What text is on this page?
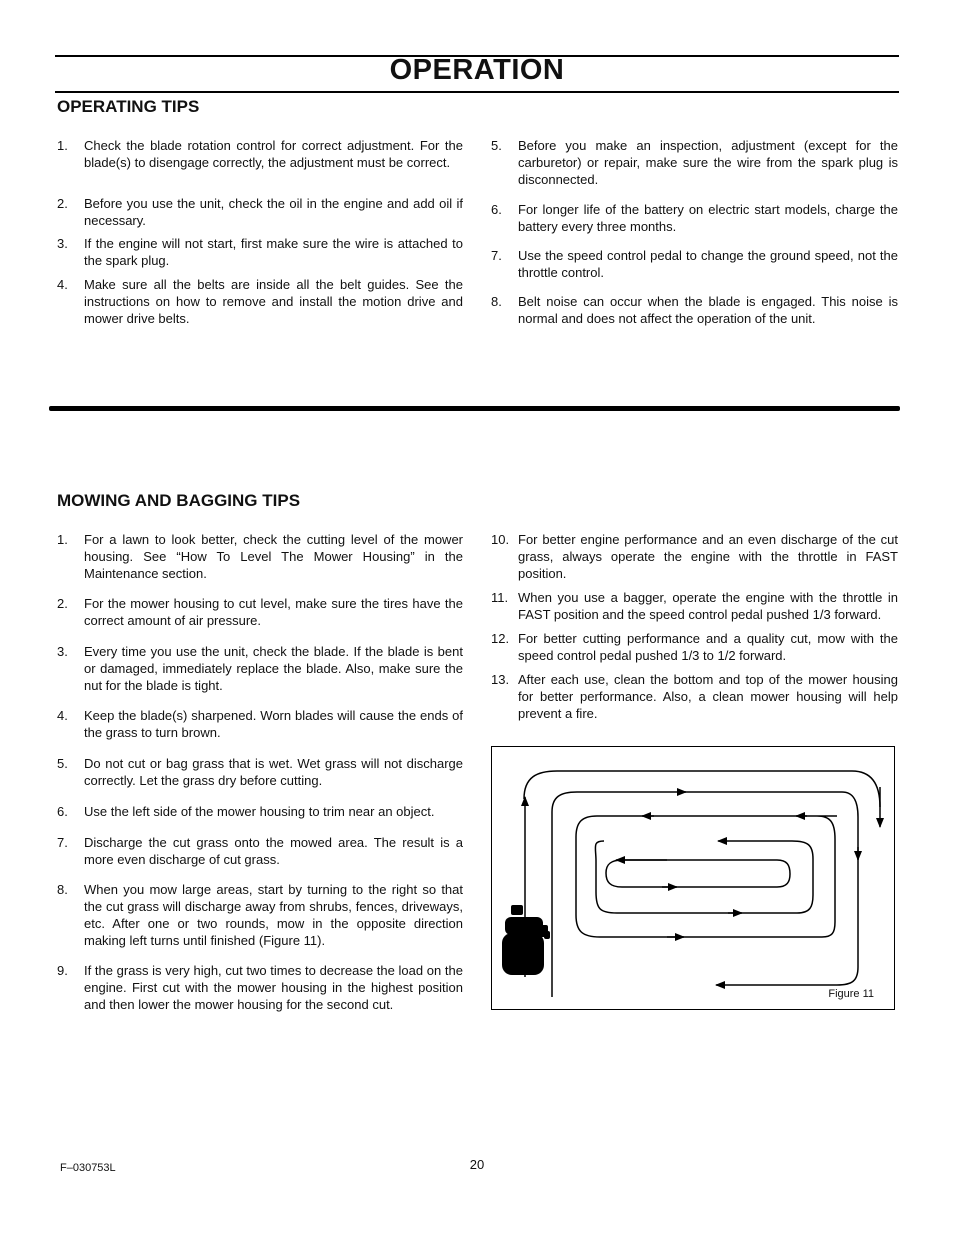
OPERATION
OPERATING TIPS
1. Check the blade rotation control for correct adjustment. For the blade(s) to disengage correctly, the adjustment must be correct.
2. Before you use the unit, check the oil in the engine and add oil if necessary.
3. If the engine will not start, first make sure the wire is attached to the spark plug.
4. Make sure all the belts are inside all the belt guides. See the instructions on how to remove and install the motion drive and mower drive belts.
5. Before you make an inspection, adjustment (except for the carburetor) or repair, make sure the wire from the spark plug is disconnected.
6. For longer life of the battery on electric start models, charge the battery every three months.
7. Use the speed control pedal to change the ground speed, not the throttle control.
8. Belt noise can occur when the blade is engaged. This noise is normal and does not affect the operation of the unit.
MOWING AND BAGGING TIPS
1. For a lawn to look better, check the cutting level of the mower housing. See “How To Level The Mower Housing” in the Maintenance section.
2. For the mower housing to cut level, make sure the tires have the correct amount of air pressure.
3. Every time you use the unit, check the blade. If the blade is bent or damaged, immediately replace the blade. Also, make sure the nut for the blade is tight.
4. Keep the blade(s) sharpened. Worn blades will cause the ends of the grass to turn brown.
5. Do not cut or bag grass that is wet. Wet grass will not discharge correctly. Let the grass dry before cutting.
6. Use the left side of the mower housing to trim near an object.
7. Discharge the cut grass onto the mowed area. The result is a more even discharge of cut grass.
8. When you mow large areas, start by turning to the right so that the cut grass will discharge away from shrubs, fences, driveways, etc. After one or two rounds, mow in the opposite direction making left turns until finished (Figure 11).
9. If the grass is very high, cut two times to decrease the load on the engine. First cut with the mower housing in the highest position and then lower the mower housing for the second cut.
10. For better engine performance and an even discharge of the cut grass, always operate the engine with the throttle in FAST position.
11. When you use a bagger, operate the engine with the throttle in FAST position and the speed control pedal pushed 1/3 forward.
12. For better cutting performance and a quality cut, mow with the speed control pedal pushed 1/3 to 1/2 forward.
13. After each use, clean the bottom and top of the mower housing for better performance. Also, a clean mower housing will help prevent a fire.
Figure 11
F–030753L	20
